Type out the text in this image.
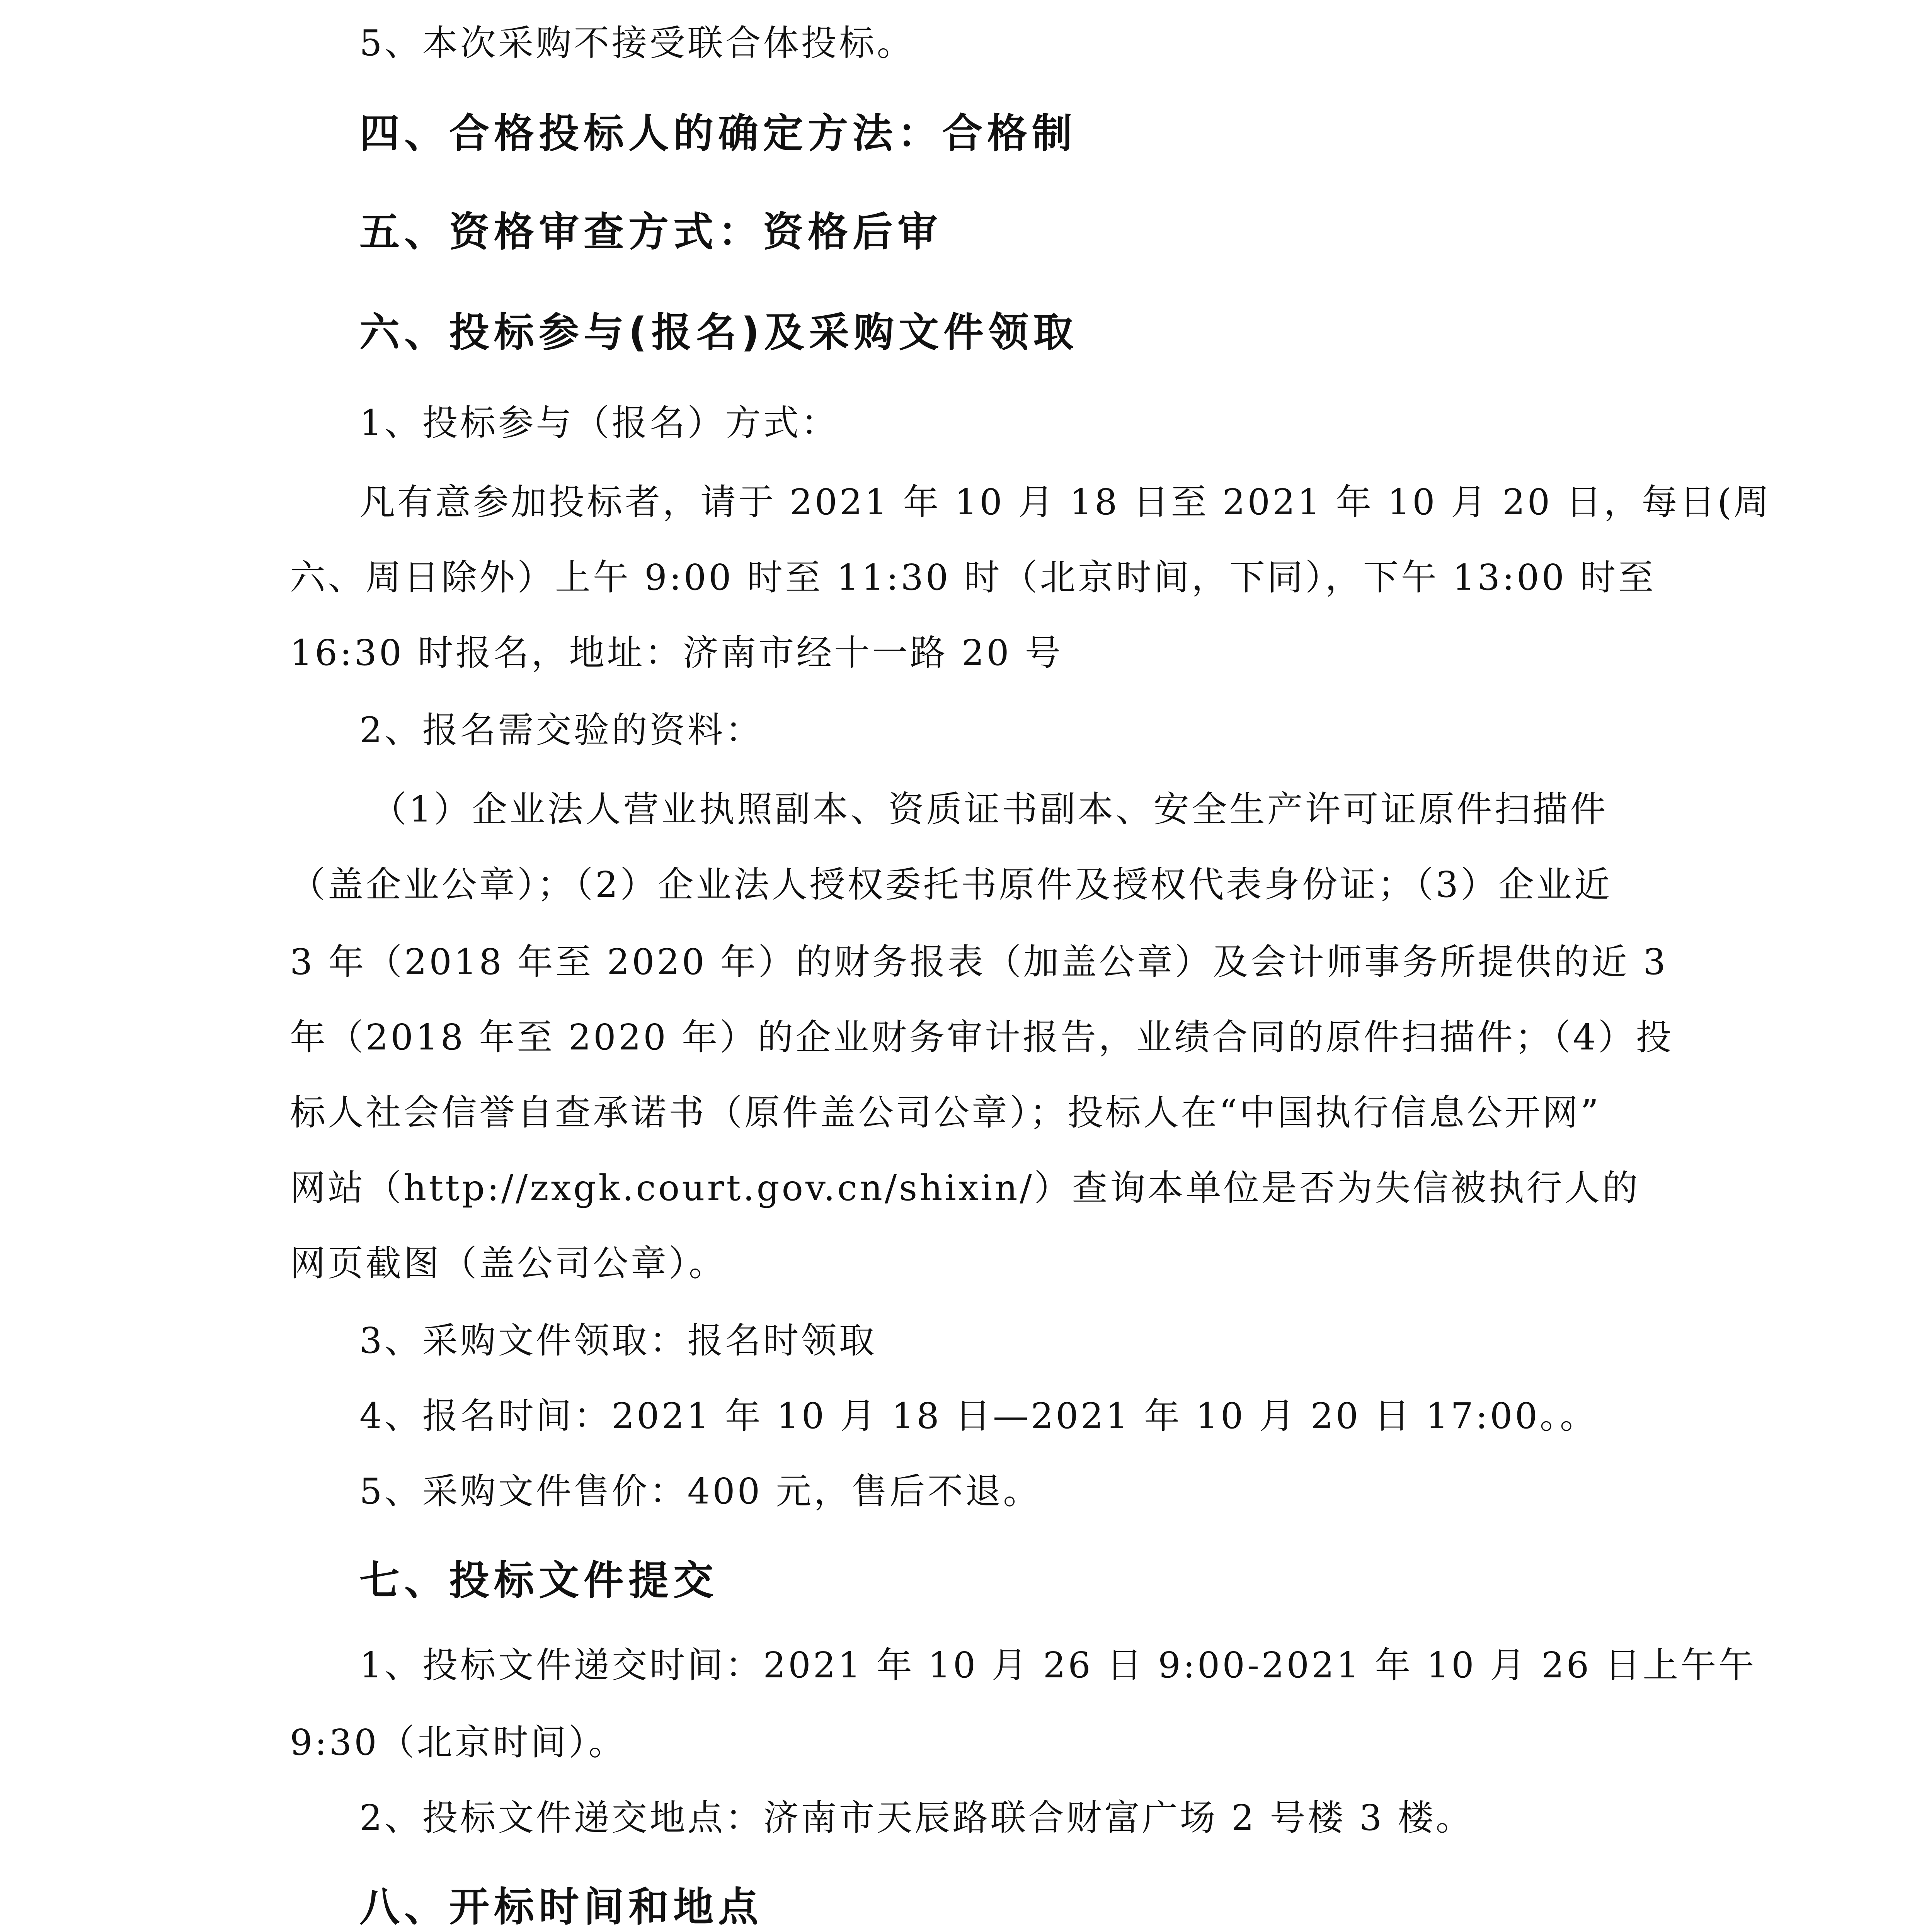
5、本次采购不接受联合体投标。
四、合格投标人的确定方法：合格制
五、资格审查方式：资格后审
六、投标参与(报名)及采购文件领取
1、投标参与（报名）方式：
凡有意参加投标者，请于 2021 年 10 月 18 日至 2021 年 10 月 20 日，每日(周
六、周日除外）上午 9:00 时至 11:30 时（北京时间，下同），下午 13:00 时至
16:30 时报名，地址：济南市经十一路 20 号
2、报名需交验的资料：
（1）企业法人营业执照副本、资质证书副本、安全生产许可证原件扫描件
（盖企业公章）；（2）企业法人授权委托书原件及授权代表身份证；（3）企业近
3 年（2018 年至 2020 年）的财务报表（加盖公章）及会计师事务所提供的近 3
年（2018 年至 2020 年）的企业财务审计报告，业绩合同的原件扫描件；（4）投
标人社会信誉自查承诺书（原件盖公司公章）；投标人在“中国执行信息公开网”
网站（http://zxgk.court.gov.cn/shixin/）查询本单位是否为失信被执行人的
网页截图（盖公司公章）。
3、采购文件领取：报名时领取
4、报名时间：2021 年 10 月 18 日—2021 年 10 月 20 日 17:00。。
5、采购文件售价：400 元，售后不退。
七、投标文件提交
1、投标文件递交时间：2021 年 10 月 26 日 9:00-2021 年 10 月 26 日上午午
9:30（北京时间）。
2、投标文件递交地点：济南市天辰路联合财富广场 2 号楼 3 楼。
八、开标时间和地点
